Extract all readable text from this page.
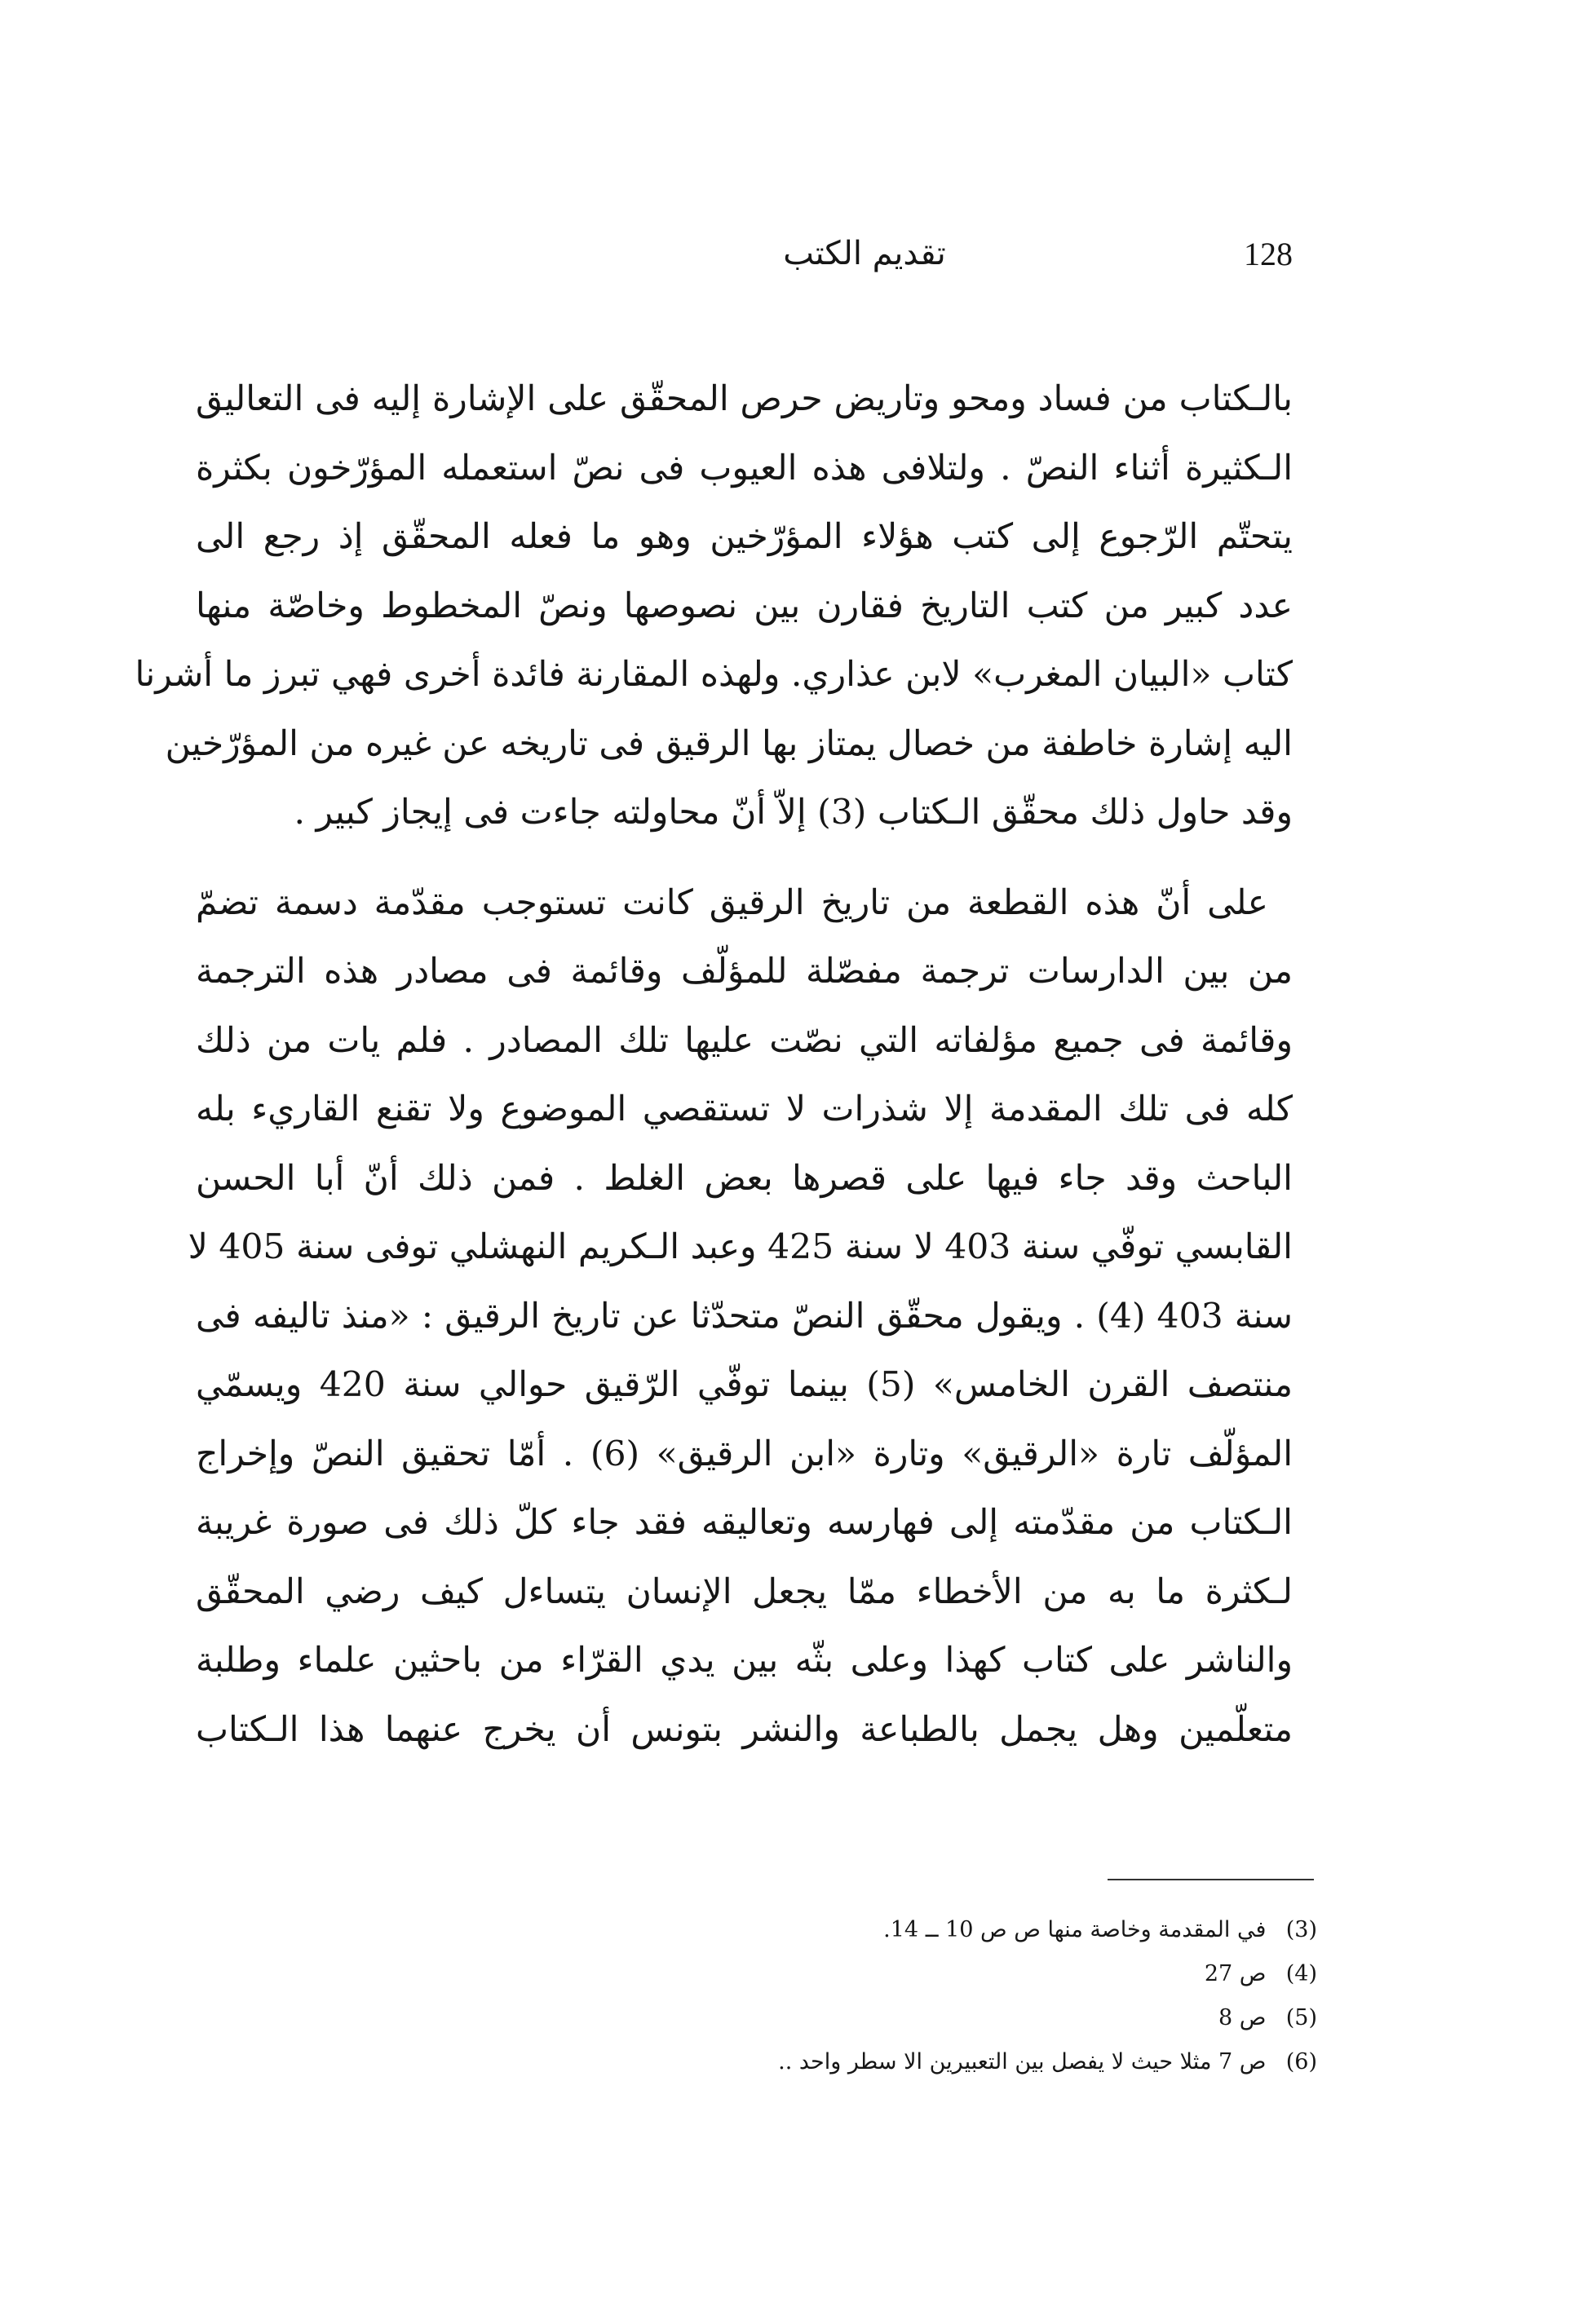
128
تقديم الكتب

بالـكتاب من فساد ومحو وتاريض حرص المحقّق على الإشارة إليه فى التعاليق
الـكثيرة أثناء النصّ . ولتلافى هذه العيوب فى نصّ استعمله المؤرّخون بكثرة
يتحتّم الرّجوع إلى كتب هؤلاء المؤرّخين وهو ما فعله المحقّق إذ رجع الى
عدد كبير من كتب التاريخ فقارن بين نصوصها ونصّ المخطوط وخاصّة منها
كتاب «البيان المغرب» لابن عذاري. ولهذه المقارنة فائدة أخرى فهي تبرز ما أشرنا
اليه إشارة خاطفة من خصال يمتاز بها الرقيق فى تاريخه عن غيره من المؤرّخين
وقد حاول ذلك محقّق الـكتاب (3) إلاّ أنّ محاولته جاءت فى إيجاز كبير .

على أنّ هذه القطعة من تاريخ الرقيق كانت تستوجب مقدّمة دسمة تضمّ
من بين الدارسات ترجمة مفصّلة للمؤلّف وقائمة فى مصادر هذه الترجمة
وقائمة فى جميع مؤلفاته التي نصّت عليها تلك المصادر . فلم يات من ذلك
كله فى تلك المقدمة إلا شذرات لا تستقصي الموضوع ولا تقنع القاريء بله
الباحث وقد جاء فيها على قصرها بعض الغلط . فمن ذلك أنّ أبا الحسن
القابسي توفّي سنة 403 لا سنة 425 وعبد الـكريم النهشلي توفى سنة 405 لا
سنة 403 (4) . ويقول محقّق النصّ متحدّثا عن تاريخ الرقيق : «منذ تاليفه فى
منتصف القرن الخامس» (5) بينما توفّي الرّقيق حوالي سنة 420 ويسمّي
المؤلّف تارة «الرقيق» وتارة «ابن الرقيق» (6) . أمّا تحقيق النصّ وإخراج
الـكتاب من مقدّمته إلى فهارسه وتعاليقه فقد جاء كلّ ذلك فى صورة غريبة
لـكثرة ما به من الأخطاء ممّا يجعل الإنسان يتساءل كيف رضي المحقّق
والناشر على كتاب كهذا وعلى بثّه بين يدي القرّاء من باحثين علماء وطلبة
متعلّمين وهل يجمل بالطباعة والنشر بتونس أن يخرج عنهما هذا الـكتاب

(3) في المقدمة وخاصة منها ص ص 10 ــ 14.
(4) ص 27
(5) ص 8
(6) ص 7 مثلا حيث لا يفصل بين التعبيرين الا سطر واحد ..
